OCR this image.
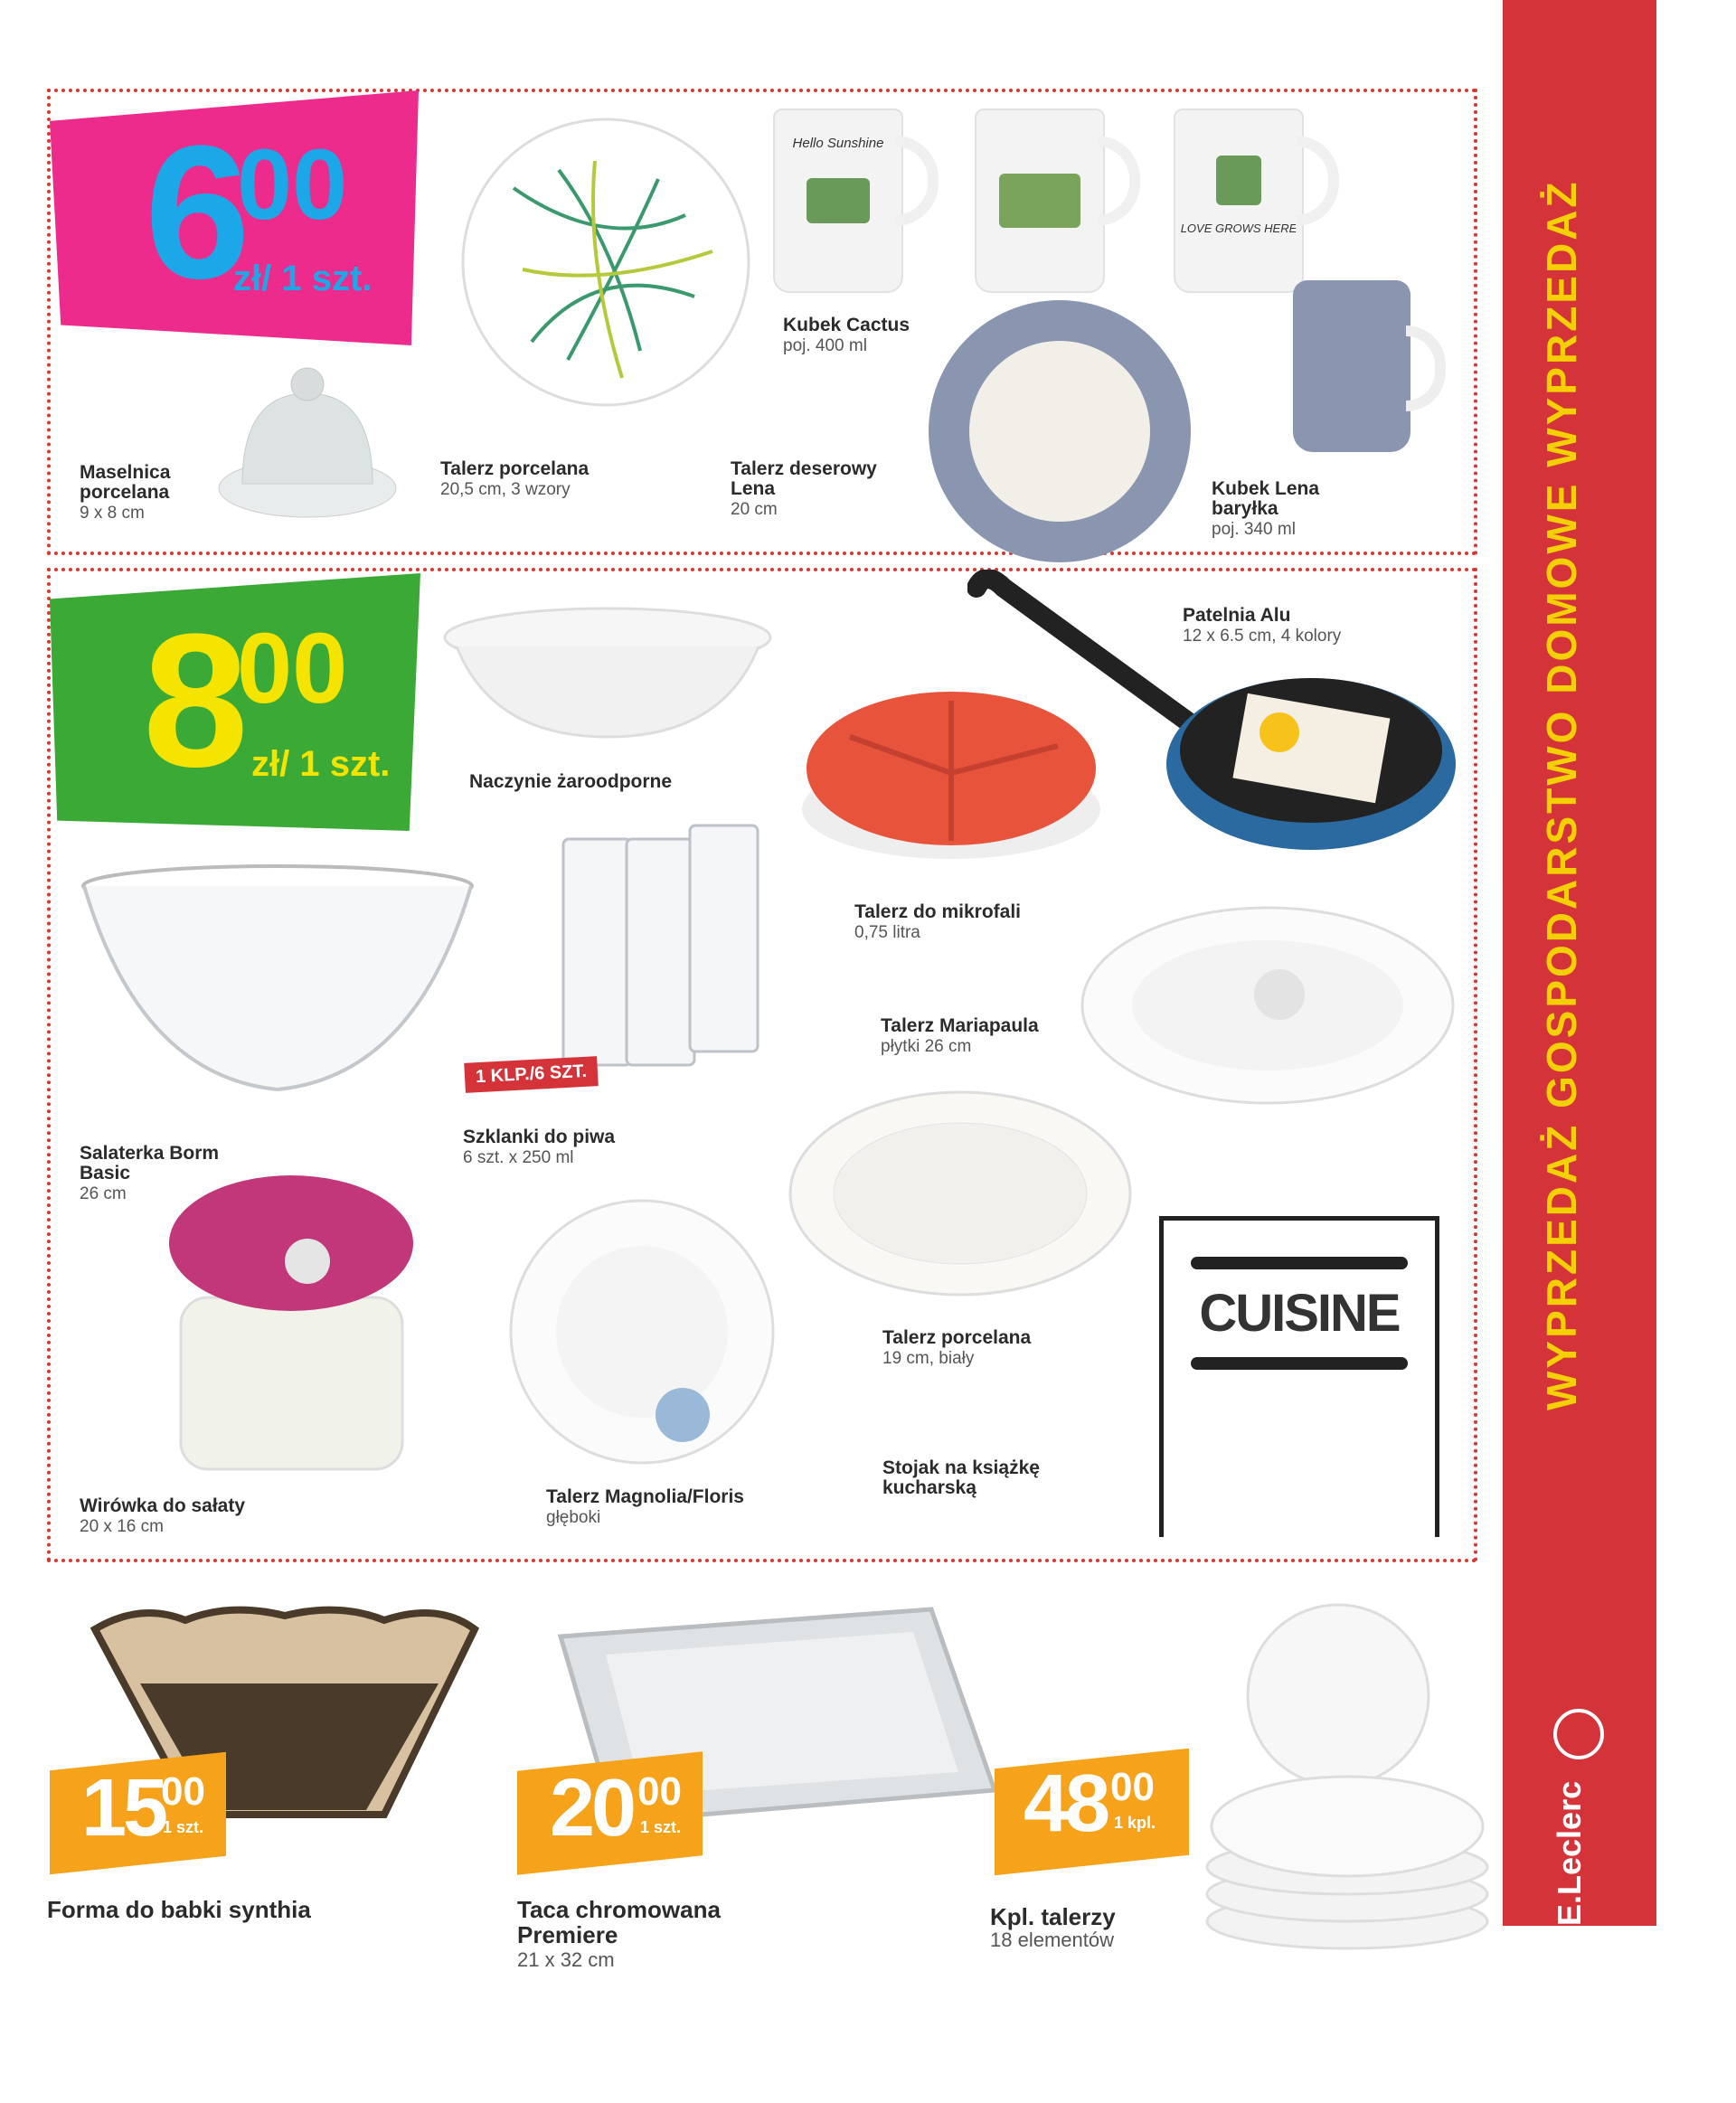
WYPRZEDAŻ GOSPODARSTWO DOMOWE WYPRZEDAŻ
E.Leclerc
7
6
00
zł/ 1 szt.
Hello Sunshine
LOVE GROWS HERE
Maselnica
porcelana
9 x 8 cm
Talerz porcelana
20,5 cm, 3 wzory
Kubek Cactus
poj. 400 ml
Talerz deserowy
Lena
20 cm
Kubek Lena
baryłka
poj. 340 ml
8
00
zł/ 1 szt.	Naczynie żaroodporne
Patelnia Alu
12 x 6.5 cm, 4 kolory
Talerz do mikrofali
0,75 litra
1 KLP./6 SZT.
Talerz Mariapaula
płytki 26 cm
Salaterka Borm
Basic
26 cm
Szklanki do piwa
6 szt. x 250 ml
CUISINE
Talerz porcelana
19 cm, biały
Stojak na książkę
kucharską
Wirówka do sałaty
20 x 16 cm
Talerz Magnolia/Floris
głęboki
15
00
1 szt.	20 00
1 szt.	48 00
1 kpl.
Forma do babki synthia	Taca chromowana
Premiere
21 x 32 cm
Kpl. talerzy
18 elementów
